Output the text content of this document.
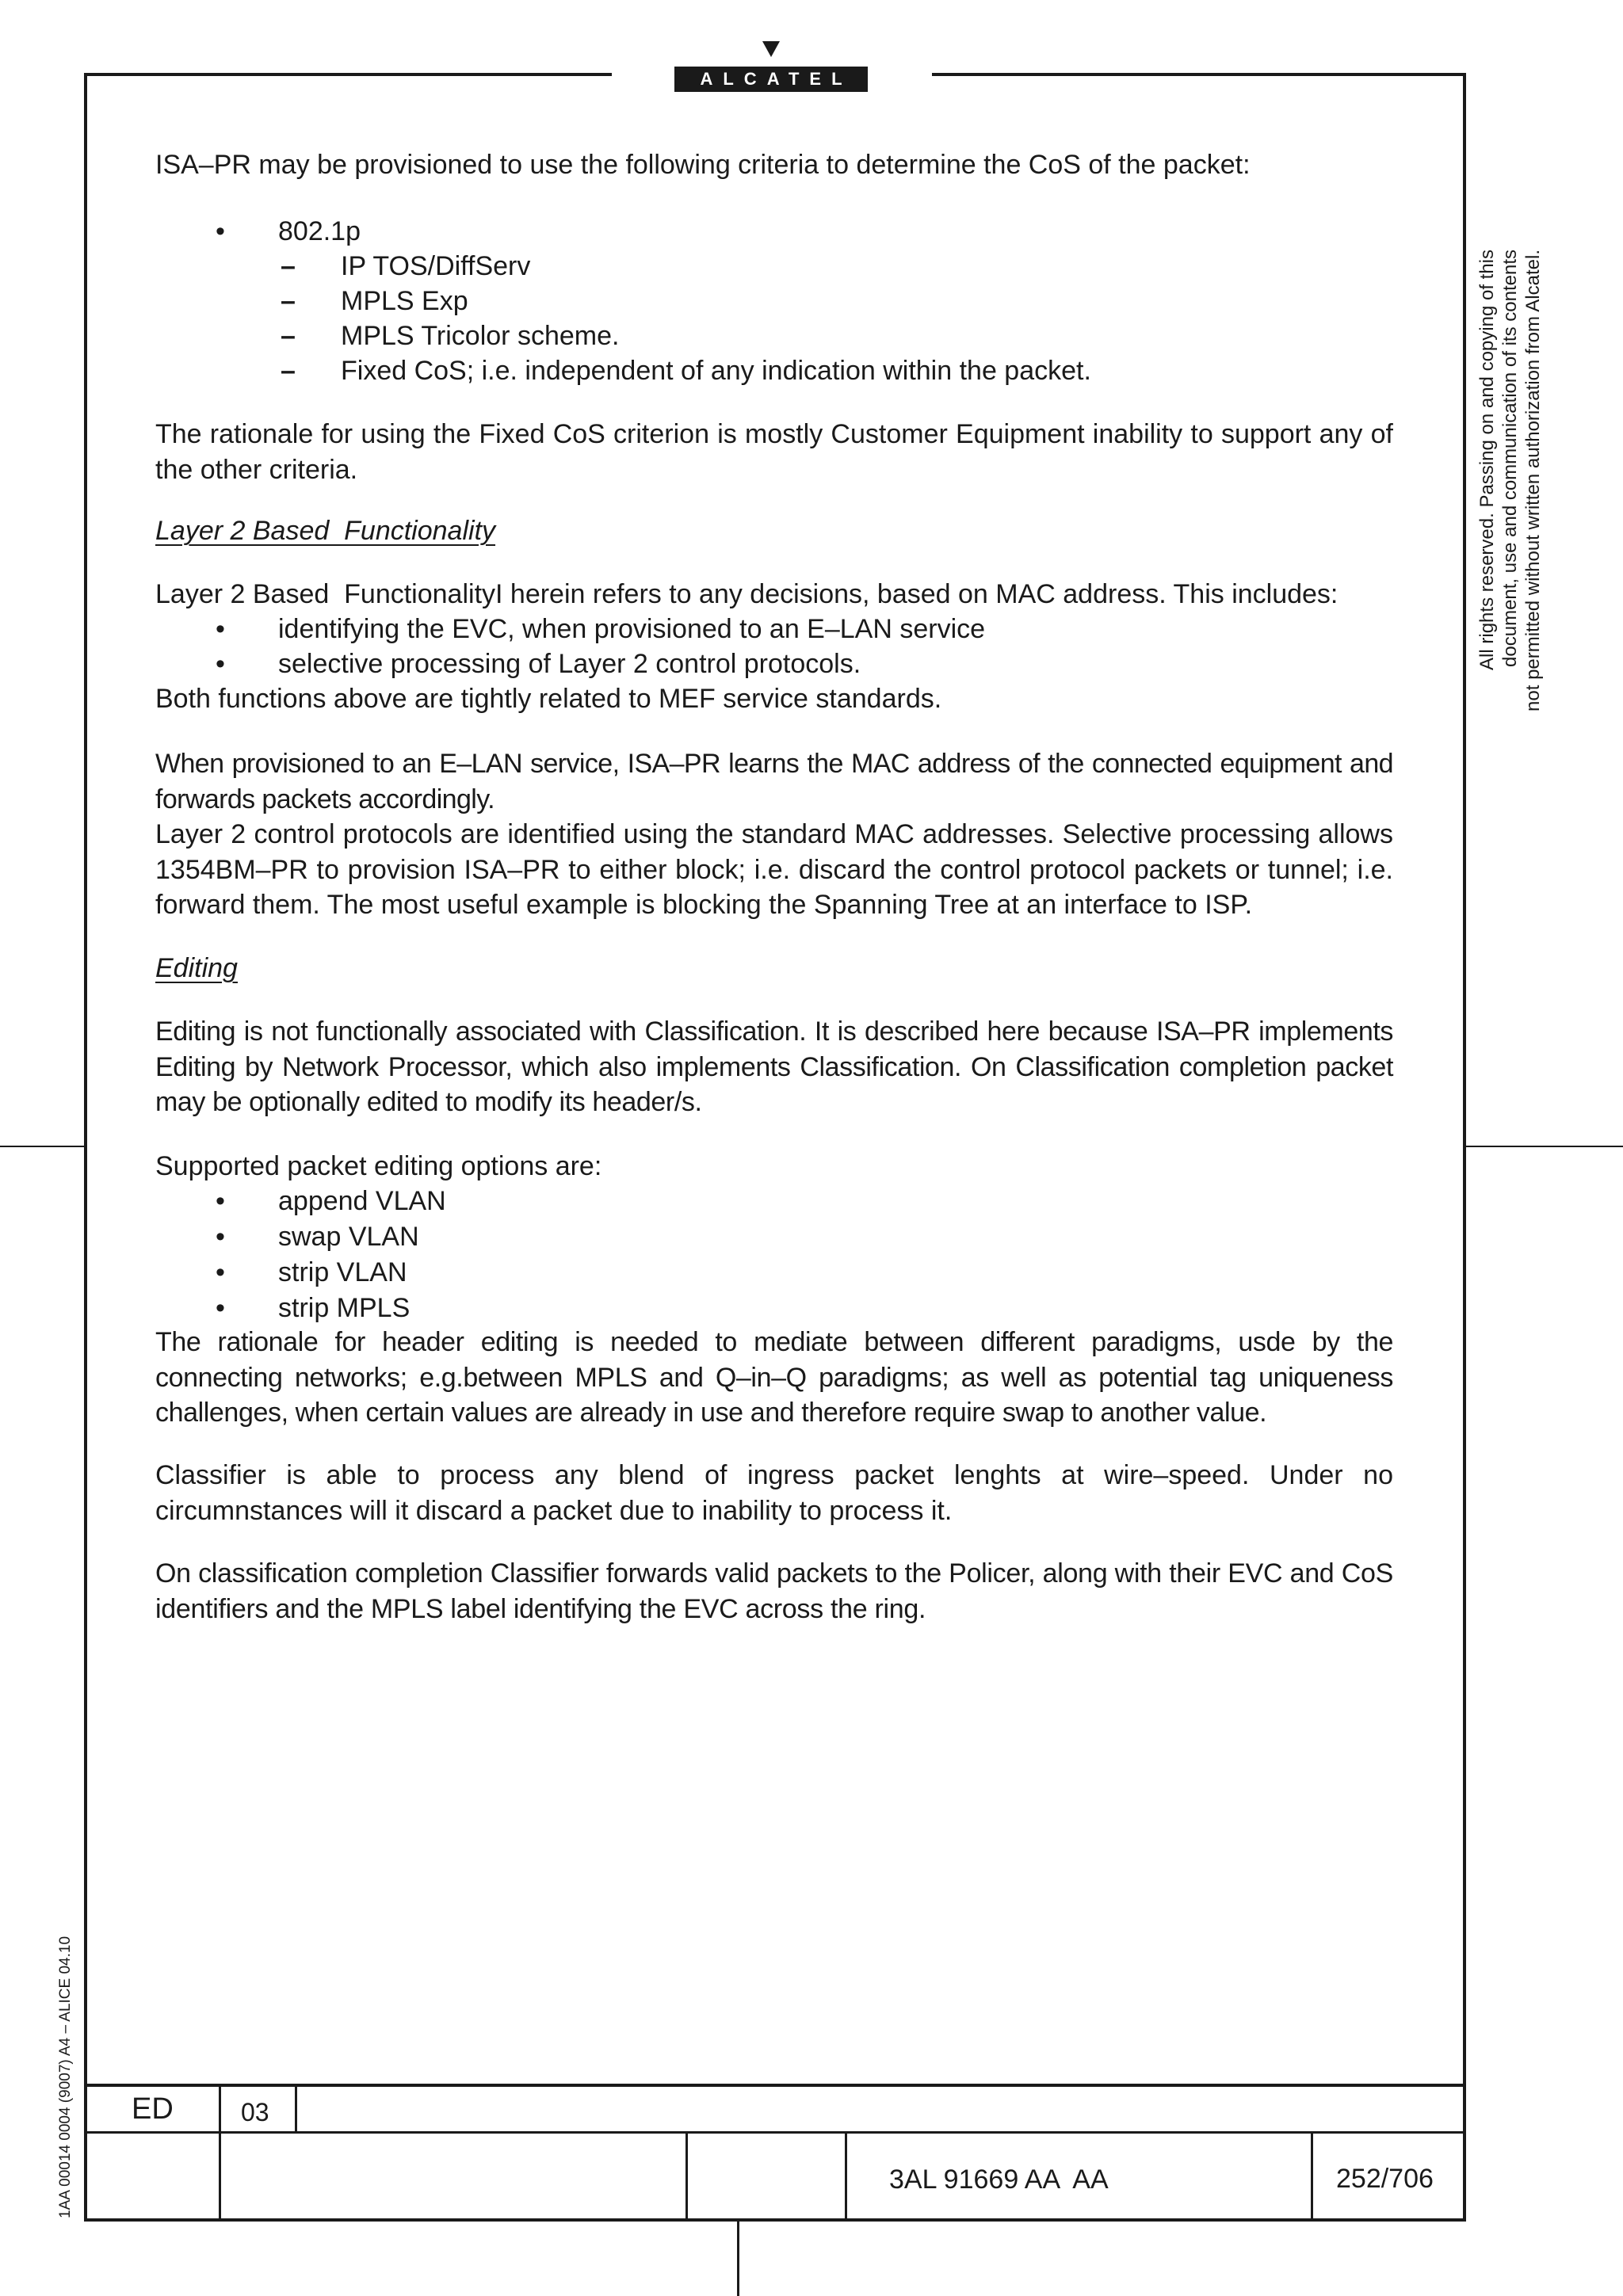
ALCATEL

ISA–PR may be provisioned to use the following criteria to determine the CoS of the packet:

• 802.1p
– IP TOS/DiffServ
– MPLS Exp
– MPLS Tricolor scheme.
– Fixed CoS; i.e. independent of any indication within the packet.

The rationale for using the Fixed CoS criterion is mostly Customer Equipment inability to support any of the other criteria.

Layer 2 Based  Functionality

Layer 2 Based  FunctionalityI herein refers to any decisions, based on MAC address. This includes:

• identifying the EVC, when provisioned to an E–LAN service
• selective processing of Layer 2 control protocols.
Both functions above are tightly related to MEF service standards.

When provisioned to an E–LAN service, ISA–PR learns the MAC address of the connected equipment and forwards packets accordingly.

Layer 2 control protocols are identified using the standard MAC addresses. Selective processing allows 1354BM–PR to provision ISA–PR to either block; i.e. discard the control protocol packets or tunnel; i.e. forward them. The most useful example is blocking the Spanning Tree at an interface to ISP.

Editing

Editing is not functionally associated with Classification. It is described here because ISA–PR implements Editing by Network Processor, which also implements Classification. On Classification completion packet may be optionally edited to modify its header/s.

Supported packet editing options are:
• append VLAN
• swap VLAN
• strip VLAN
• strip MPLS

The rationale for header editing is needed to mediate between different paradigms, usde by the connecting networks; e.g.between MPLS and Q–in–Q paradigms; as well as potential tag uniqueness challenges, when certain values are already in use and therefore require swap to another value.

Classifier is able to process any blend of ingress packet lenghts at wire–speed. Under no circumnstances will it discard a packet due to inability to process it.

On classification completion Classifier forwards valid packets to the Policer, along with their EVC and CoS identifiers and the MPLS label identifying the EVC across the ring.

All rights reserved. Passing on and copying of this document, use and communication of its contents not permitted without written authorization from Alcatel.
1AA 00014 0004 (9007) A4 – ALICE 04.10 ED	03
3AL 91669 AA  AA	252/706
